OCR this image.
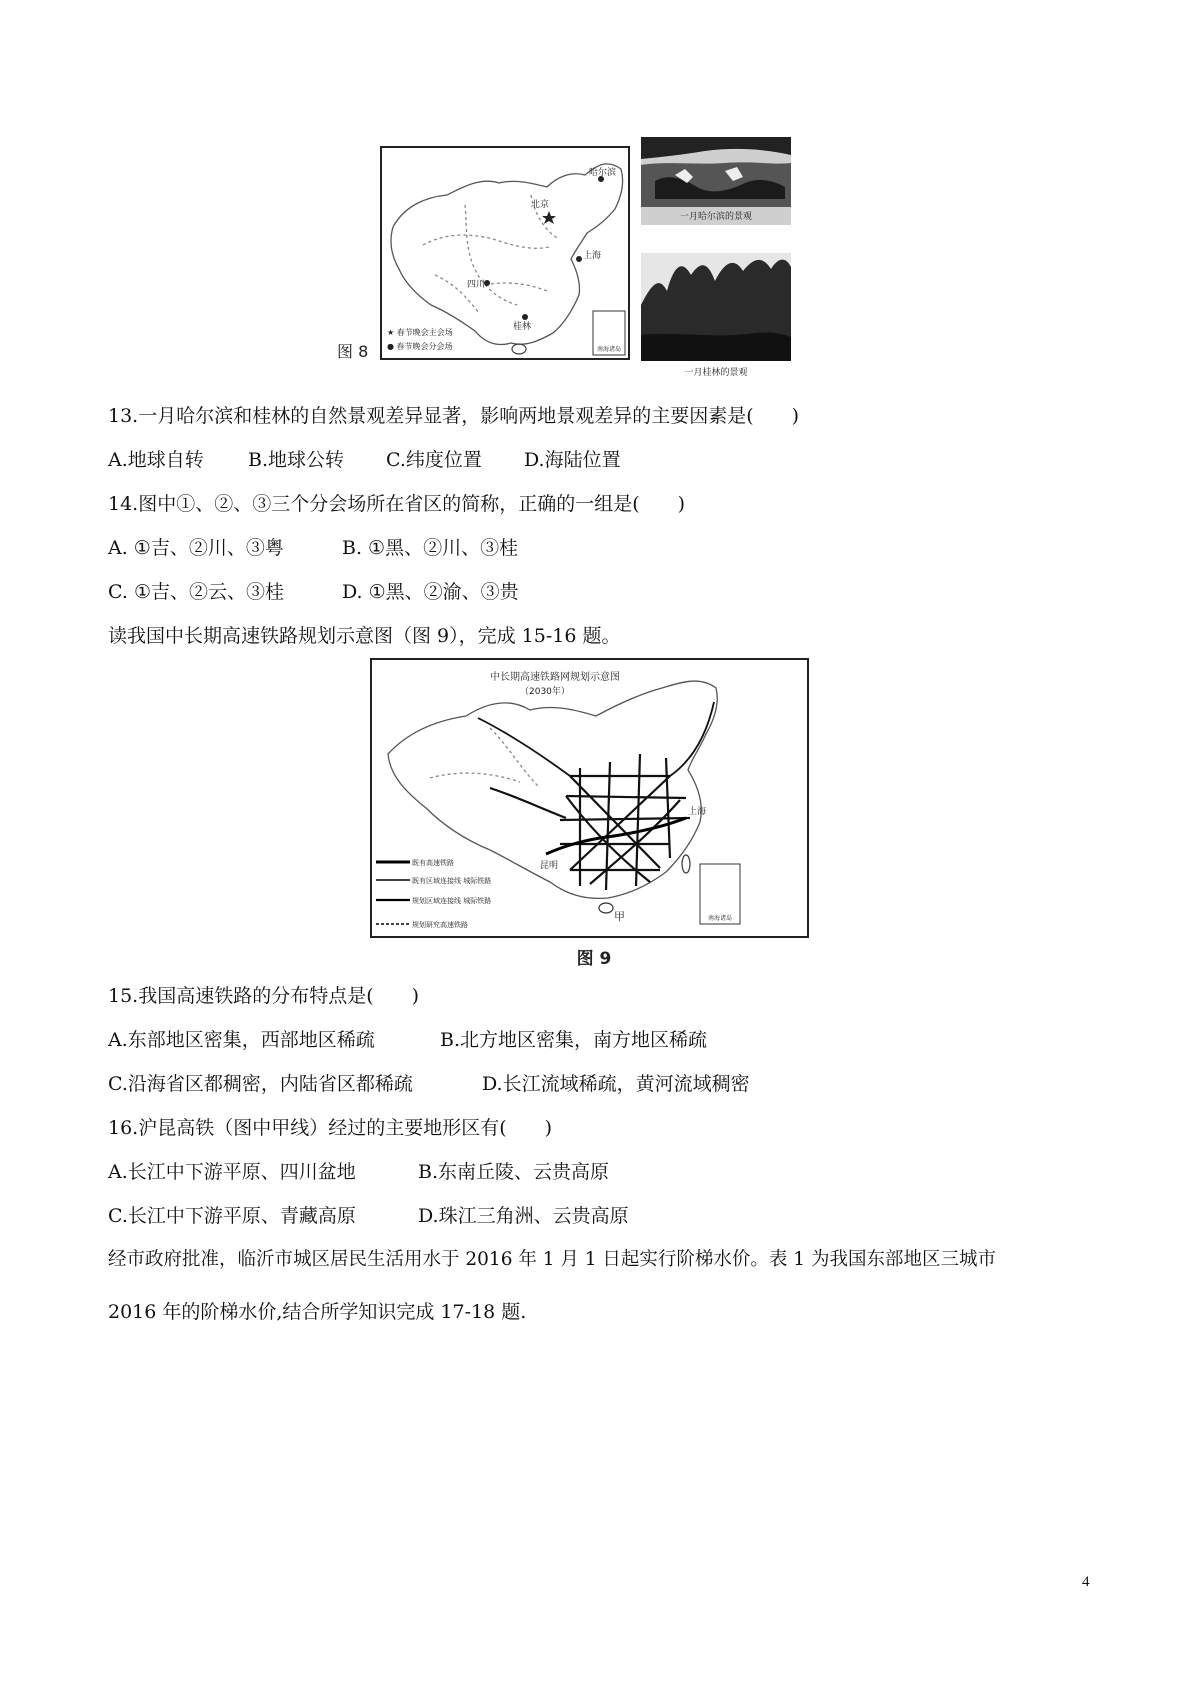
南海诸岛
哈尔滨
北京
上海
四川
桂林
★ 春节晚会主会场
● 春节晚会分会场
图 8
一月哈尔滨的景观
一月桂林的景观
13.一月哈尔滨和桂林的自然景观差异显著，影响两地景观差异的主要因素是(　　)
A.地球自转 B.地球公转 C.纬度位置 D.海陆位置
14.图中①、②、③三个分会场所在省区的简称，正确的一组是(　　)
A. ①吉、②川、③粤	B. ①黑、②川、③桂
C. ①吉、②云、③桂	D. ①黑、②渝、③贵
读我国中长期高速铁路规划示意图（图 9），完成 15-16 题。
中长期高速铁路网规划示意图
（2030年）
上海
昆明
甲	南海诸岛
既有高速铁路
既有区域连接线 城际铁路
规划区域连接线 城际铁路
规划研究高速铁路
图 9
15.我国高速铁路的分布特点是(　　)
A.东部地区密集，西部地区稀疏	B.北方地区密集，南方地区稀疏
C.沿海省区都稠密，内陆省区都稀疏	D.长江流域稀疏，黄河流域稠密
16.沪昆高铁（图中甲线）经过的主要地形区有(　　)
A.长江中下游平原、四川盆地	B.东南丘陵、云贵高原
C.长江中下游平原、青藏高原	D.珠江三角洲、云贵高原
经市政府批准，临沂市城区居民生活用水于 2016 年 1 月 1 日起实行阶梯水价。表 1 为我国东部地区三城市
2016 年的阶梯水价,结合所学知识完成 17-18 题.
4
